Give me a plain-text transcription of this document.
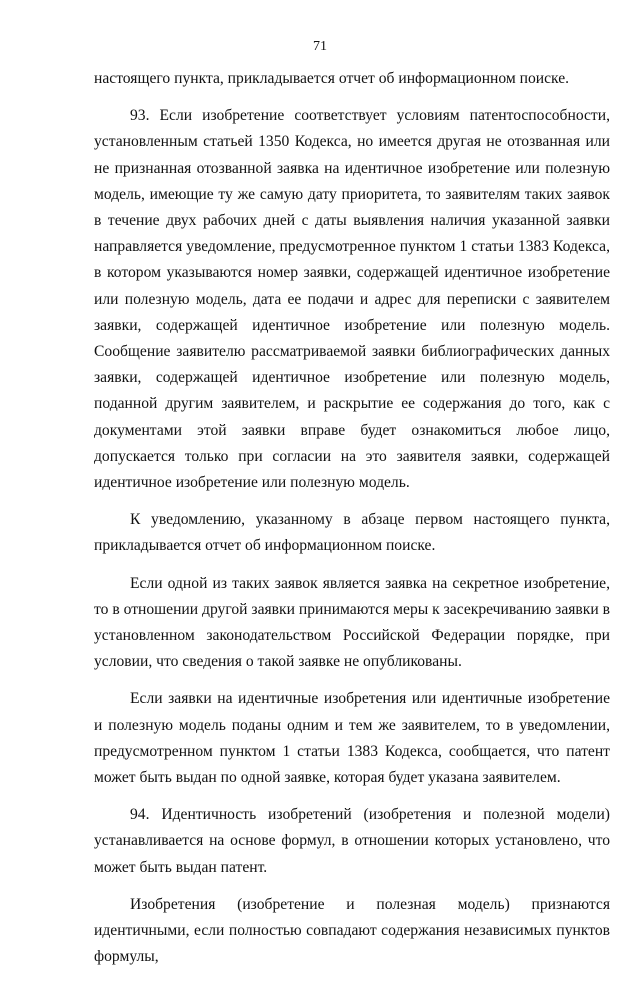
71

настоящего пункта, прикладывается отчет об информационном поиске.

93. Если изобретение соответствует условиям патентоспособности, установленным статьей 1350 Кодекса, но имеется другая не отозванная или не признанная отозванной заявка на идентичное изобретение или полезную модель, имеющие ту же самую дату приоритета, то заявителям таких заявок в течение двух рабочих дней с даты выявления наличия указанной заявки направляется уведомление, предусмотренное пунктом 1 статьи 1383 Кодекса, в котором указываются номер заявки, содержащей идентичное изобретение или полезную модель, дата ее подачи и адрес для переписки с заявителем заявки, содержащей идентичное изобретение или полезную модель. Сообщение заявителю рассматриваемой заявки библиографических данных заявки, содержащей идентичное изобретение или полезную модель, поданной другим заявителем, и раскрытие ее содержания до того, как с документами этой заявки вправе будет ознакомиться любое лицо, допускается только при согласии на это заявителя заявки, содержащей идентичное изобретение или полезную модель.

К уведомлению, указанному в абзаце первом настоящего пункта, прикладывается отчет об информационном поиске.

Если одной из таких заявок является заявка на секретное изобретение, то в отношении другой заявки принимаются меры к засекречиванию заявки в установленном законодательством Российской Федерации порядке, при условии, что сведения о такой заявке не опубликованы.

Если заявки на идентичные изобретения или идентичные изобретение и полезную модель поданы одним и тем же заявителем, то в уведомлении, предусмотренном пунктом 1 статьи 1383 Кодекса, сообщается, что патент может быть выдан по одной заявке, которая будет указана заявителем.

94. Идентичность изобретений (изобретения и полезной модели) устанавливается на основе формул, в отношении которых установлено, что может быть выдан патент.

Изобретения (изобретение и полезная модель) признаются идентичными, если полностью совпадают содержания независимых пунктов формулы,
